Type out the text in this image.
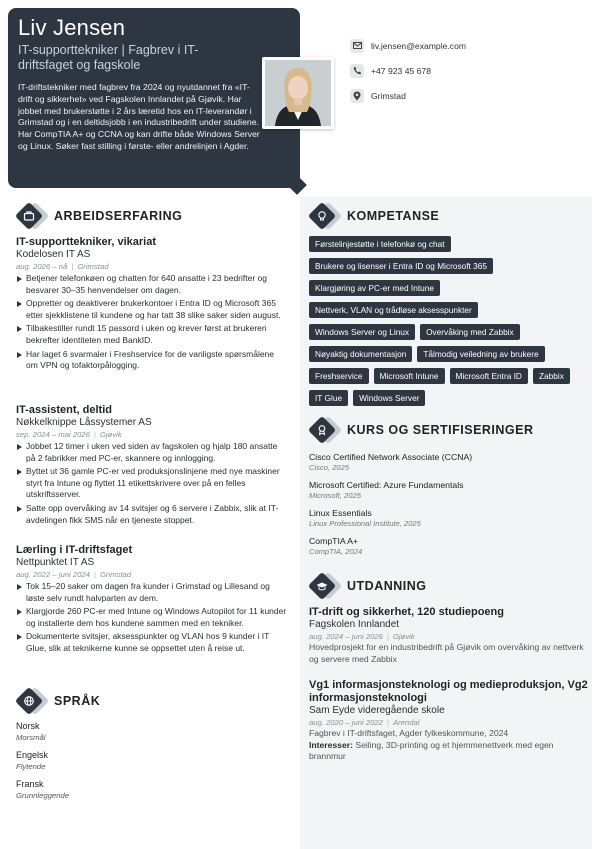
Liv Jensen
IT-supporttekniker | Fagbrev i IT-driftsfaget og fagskole
IT-driftstekniker med fagbrev fra 2024 og nyutdannet fra «IT-drift og sikkerhet» ved Fagskolen Innlandet på Gjøvik. Har jobbet med brukerstøtte i 2 års læretid hos en IT-leverandør i Grimstad og i en deltidsjobb i en industribedrift under studiene. Har CompTIA A+ og CCNA og kan drifte både Windows Server og Linux. Søker fast stilling i første- eller andrelinjen i Agder.
liv.jensen@example.com
+47 923 45 678
Grimstad
ARBEIDSERFARING
IT-supporttekniker, vikariat
Kodelosen IT AS
aug. 2026 – nå | Grimstad
Betjener telefonkøen og chatten for 640 ansatte i 23 bedrifter og besvarer 30–35 henvendelser om dagen.
Oppretter og deaktiverer brukerkontoer i Entra ID og Microsoft 365 etter sjekklistene til kundene og har tatt 38 slike saker siden august.
Tilbakestiller rundt 15 passord i uken og krever først at brukeren bekrefter identiteten med BankID.
Har laget 6 svarmaler i Freshservice for de vanligste spørsmålene om VPN og tofaktorpålogging.
IT-assistent, deltid
Nøkkelknippe Låssystemer AS
sep. 2024 – mai 2026 | Gjøvik
Jobbet 12 timer i uken ved siden av fagskolen og hjalp 180 ansatte på 2 fabrikker med PC-er, skannere og innlogging.
Byttet ut 36 gamle PC-er ved produksjonslinjene med nye maskiner styrt fra Intune og flyttet 11 etikettskrivere over på en felles utskriftsserver.
Satte opp overvåking av 14 svitsjer og 6 servere i Zabbix, slik at IT-avdelingen fikk SMS når en tjeneste stoppet.
Lærling i IT-driftsfaget
Nettpunktet IT AS
aug. 2022 – juni 2024 | Grimstad
Tok 15–20 saker om dagen fra kunder i Grimstad og Lillesand og løste selv rundt halvparten av dem.
Klargjorde 260 PC-er med Intune og Windows Autopilot for 11 kunder og installerte dem hos kundene sammen med en tekniker.
Dokumenterte svitsjer, aksesspunkter og VLAN hos 9 kunder i IT Glue, slik at teknikerne kunne se oppsettet uten å reise ut.
SPRÅK
Norsk
Morsmål
Engelsk
Flytende
Fransk
Grunnleggende
KOMPETANSE
Førstelinjestøtte i telefonkø og chat
Brukere og lisenser i Entra ID og Microsoft 365
Klargjøring av PC-er med Intune
Nettverk, VLAN og trådløse aksesspunkter
Windows Server og Linux	Overvåking med Zabbix
Nøyaktig dokumentasjon	Tålmodig veiledning av brukere
Freshservice	Microsoft Intune	Microsoft Entra ID	Zabbix
IT Glue	Windows Server
KURS OG SERTIFISERINGER
Cisco Certified Network Associate (CCNA)
Cisco, 2025
Microsoft Certified: Azure Fundamentals
Microsoft, 2025
Linux Essentials
Linux Professional Institute, 2025
CompTIA A+
CompTIA, 2024
UTDANNING
IT-drift og sikkerhet, 120 studiepoeng
Fagskolen Innlandet
aug. 2024 – juni 2026 | Gjøvik
Hovedprosjekt for en industribedrift på Gjøvik om overvåking av nettverk og servere med Zabbix
Vg1 informasjonsteknologi og medieproduksjon, Vg2 informasjonsteknologi
Sam Eyde videregående skole
aug. 2020 – juni 2022 | Arendal
Fagbrev i IT-driftsfaget, Agder fylkeskommune, 2024
Interesser: Seiling, 3D-printing og et hjemmenettverk med egen brannmur
